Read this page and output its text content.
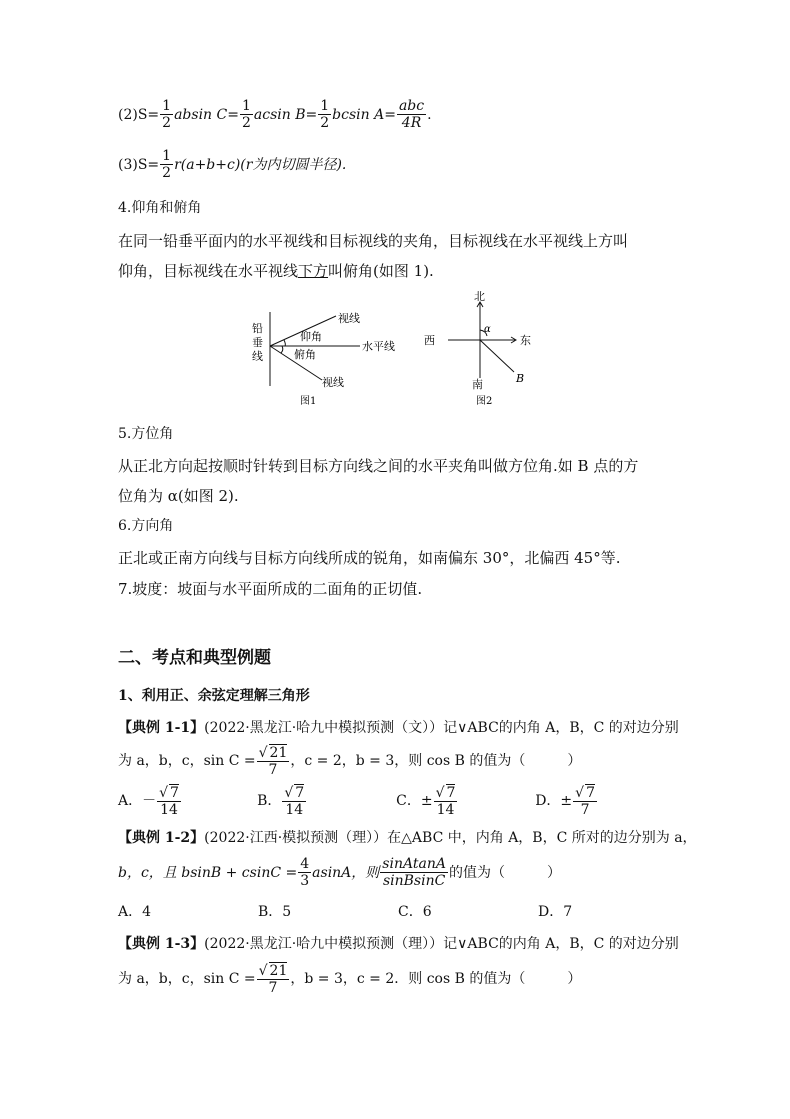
$(2)S= \frac{1}{2}$ absin $C= \frac{1}{2}$ acsin $B= \frac{1}{2}$ bcsin $A= \frac{\text{abc}}{4R}$ .
$(3)S= \frac{1}{2} r(a+b+c)(r$为内切圆半径).
4.仰角和俯角
在同一铅垂平面内的水平视线和目标视线的夹角，目标视线在水平视线上方叫
仰角，目标视线在水平视线下方叫俯角(如图 1).
铅
垂
线
视线
仰角
水平线
俯角
视线
图1
北
西	东
南
α
B
图2
5.方位角
从正北方向起按顺时针转到目标方向线之间的水平夹角叫做方位角.如 B 点的方
位角为 α(如图 2).
6.方向角
正北或正南方向线与目标方向线所成的锐角，如南偏东 30°，北偏西 45°等.
7.坡度：坡面与水平面所成的二面角的正切值.
二、考点和典型例题
1、利用正、余弦定理解三角形
【典例 1-1】(2022·黑龙江·哈九中模拟预测（文））记∨ABC的内角 A，B，C 的对边分别
为 a，b，c，$\sin C = \frac{√ 21}{7}$ ，c = 2，b = 3，则 cos B 的值为（　　　）
A．－ $\frac{√ 7}{14}$	B． $\frac{√ 7}{14}$	C．± $\frac{√ 7}{14}$	D．± $\frac{√ 7}{7}$
【典例 1-2】(2022·江西·模拟预测（理））在△ABC 中，内角 A，B，C 所对的边分别为 a，
b，c，且 $bsinB + csinC = \frac{4}{3}$ asinA，则 $\frac{\text{sinAtanA}}{\text{sinBsinC}}$ 的值为（　　　）
A．4	B．5	C．6	D．7
【典例 1-3】(2022·黑龙江·哈九中模拟预测（理））记∨ABC的内角 A，B，C 的对边分别
为 a，b，c，$\sin C = \frac{√ 21}{7}$ ，b = 3，c = 2．则 cos B 的值为（　　　）
